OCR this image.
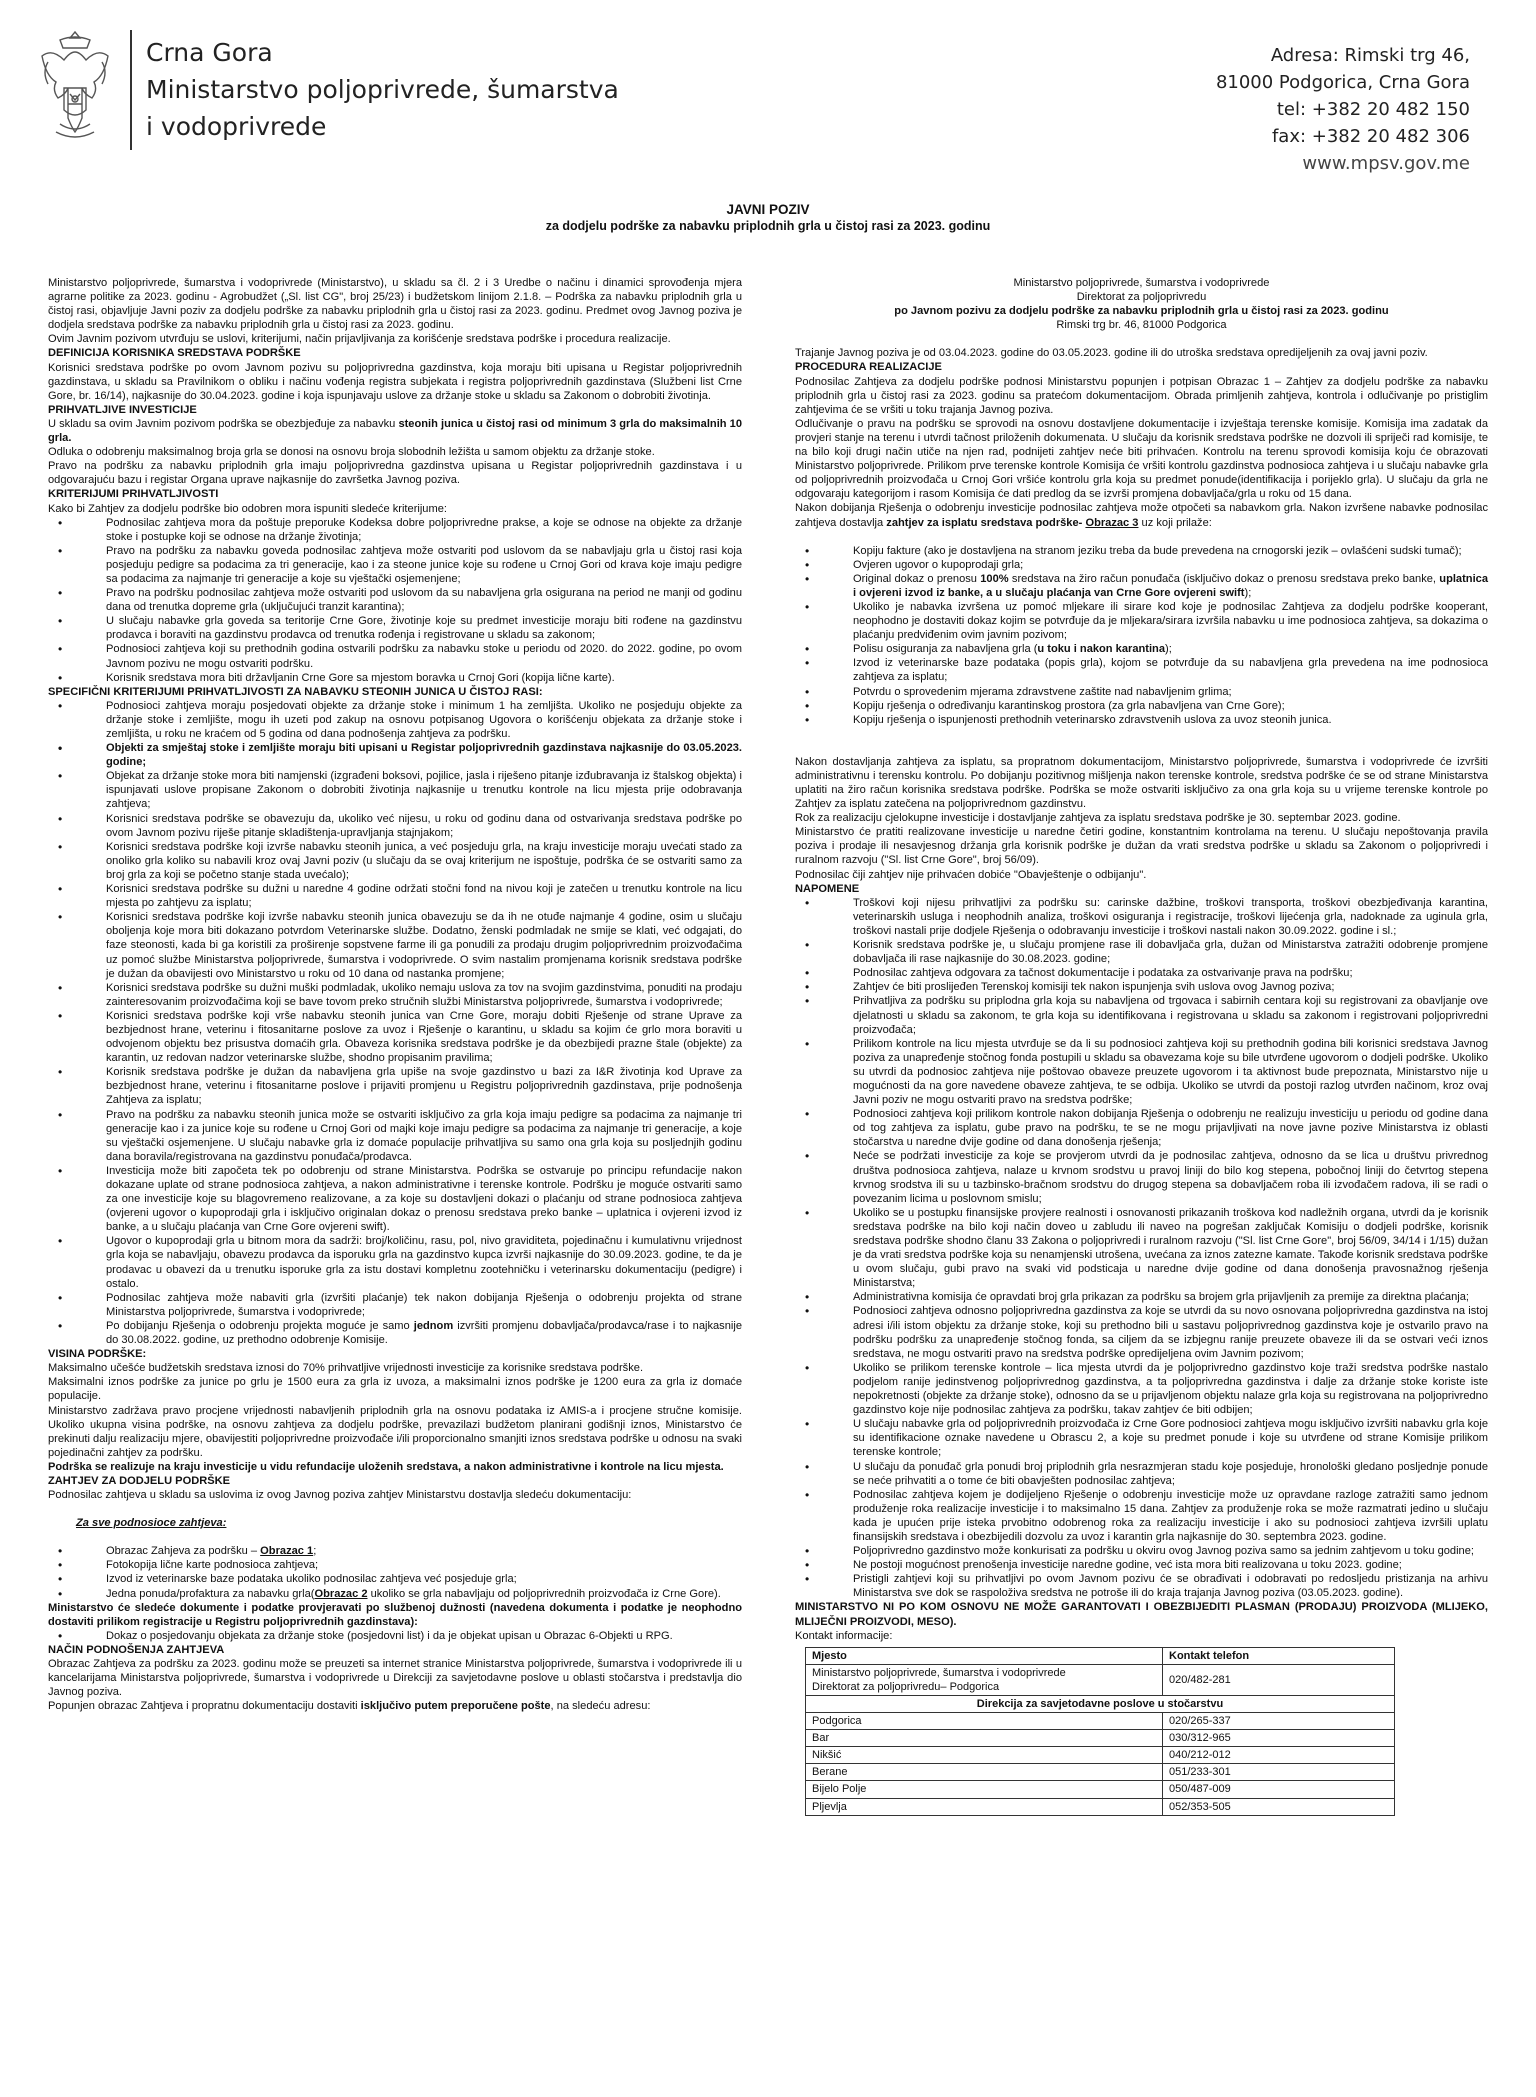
Crna Gora
Ministarstvo poljoprivrede, šumarstva
i vodoprivrede
Adresa: Rimski trg 46,
81000 Podgorica, Crna Gora
tel: +382 20 482 150
fax: +382 20 482 306
www.mpsv.gov.me
JAVNI POZIV
za dodjelu podrške za nabavku priplodnih grla u čistoj rasi za 2023. godinu

Ministarstvo poljoprivrede, šumarstva i vodoprivrede (Ministarstvo), u skladu sa čl. 2 i 3 Uredbe o načinu i dinamici sprovođenja mjera agrarne politike za 2023. godinu - Agrobudžet („Sl. list CG", broj 25/23) i budžetskom linijom 2.1.8. – Podrška za nabavku priplodnih grla u čistoj rasi, objavljuje Javni poziv za dodjelu podrške za nabavku priplodnih grla u čistoj rasi za 2023. godinu. Predmet ovog Javnog poziva je dodjela sredstava podrške za nabavku priplodnih grla u čistoj rasi za 2023. godinu.

Ovim Javnim pozivom utvrđuju se uslovi, kriterijumi, način prijavljivanja za korišćenje sredstava podrške i procedura realizacije.

DEFINICIJA KORISNIKA SREDSTAVA PODRŠKE

Korisnici sredstava podrške po ovom Javnom pozivu su poljoprivredna gazdinstva, koja moraju biti upisana u Registar poljoprivrednih gazdinstava, u skladu sa Pravilnikom o obliku i načinu vođenja registra subjekata i registra poljoprivrednih gazdinstava (Službeni list Crne Gore, br. 16/14), najkasnije do 30.04.2023. godine i koja ispunjavaju uslove za držanje stoke u skladu sa Zakonom o dobrobiti životinja.

PRIHVATLJIVE INVESTICIJE

U skladu sa ovim Javnim pozivom podrška se obezbjeđuje za nabavku steonih junica u čistoj rasi od minimum 3 grla do maksimalnih 10 grla.

Odluka o odobrenju maksimalnog broja grla se donosi na osnovu broja slobodnih ležišta u samom objektu za držanje stoke.

Pravo na podršku za nabavku priplodnih grla imaju poljoprivredna gazdinstva upisana u Registar poljoprivrednih gazdinstava i u odgovarajuću bazu i registar Organa uprave najkasnije do završetka Javnog poziva.

KRITERIJUMI PRIHVATLJIVOSTI

Kako bi Zahtjev za dodjelu podrške bio odobren mora ispuniti sledeće kriterijume:

• Podnosilac zahtjeva mora da poštuje preporuke Kodeksa dobre poljoprivredne prakse, a koje se odnose na objekte za držanje stoke i postupke koji se odnose na držanje životinja;
• Pravo na podršku za nabavku goveda podnosilac zahtjeva može ostvariti pod uslovom da se nabavljaju grla u čistoj rasi koja posjeduju pedigre sa podacima za tri generacije, kao i za steone junice koje su rođene u Crnoj Gori od krava koje imaju pedigre sa podacima za najmanje tri generacije a koje su vještački osjemenjene;
• Pravo na podršku podnosilac zahtjeva može ostvariti pod uslovom da su nabavljena grla osigurana na period ne manji od godinu dana od trenutka dopreme grla (uključujući tranzit karantina);
• U slučaju nabavke grla goveda sa teritorije Crne Gore, životinje koje su predmet investicije moraju biti rođene na gazdinstvu prodavca i boraviti na gazdinstvu prodavca od trenutka rođenja i registrovane u skladu sa zakonom;
• Podnosioci zahtjeva koji su prethodnih godina ostvarili podršku za nabavku stoke u periodu od 2020. do 2022. godine, po ovom Javnom pozivu ne mogu ostvariti podršku.
• Korisnik sredstava mora biti državljanin Crne Gore sa mjestom boravka u Crnoj Gori (kopija lične karte).

SPECIFIČNI KRITERIJUMI PRIHVATLJIVOSTI ZA NABAVKU STEONIH JUNICA U ČISTOJ RASI:

• Podnosioci zahtjeva moraju posjedovati objekte za držanje stoke i minimum 1 ha zemljišta. Ukoliko ne posjeduju objekte za držanje stoke i zemljište, mogu ih uzeti pod zakup na osnovu potpisanog Ugovora o korišćenju objekata za držanje stoke i zemljišta, u roku ne kraćem od 5 godina od dana podnošenja zahtjeva za podršku.
• Objekti za smještaj stoke i zemljište moraju biti upisani u Registar poljoprivrednih gazdinstava najkasnije do 03.05.2023. godine;
• Objekat za držanje stoke mora biti namjenski (izgrađeni boksovi, pojilice, jasla i riješeno pitanje izđubravanja iz štalskog objekta) i ispunjavati uslove propisane Zakonom o dobrobiti životinja najkasnije u trenutku kontrole na licu mjesta prije odobravanja zahtjeva;
• Korisnici sredstava podrške se obavezuju da, ukoliko već nijesu, u roku od godinu dana od ostvarivanja sredstava podrške po ovom Javnom pozivu riješe pitanje skladištenja-upravljanja stajnjakom;
• Korisnici sredstava podrške koji izvrše nabavku steonih junica, a već posjeduju grla, na kraju investicije moraju uvećati stado za onoliko grla koliko su nabavili kroz ovaj Javni poziv (u slučaju da se ovaj kriterijum ne ispoštuje, podrška će se ostvariti samo za broj grla za koji se početno stanje stada uvećalo);
• Korisnici sredstava podrške su dužni u naredne 4 godine održati stočni fond na nivou koji je zatečen u trenutku kontrole na licu mjesta po zahtjevu za isplatu;
• Korisnici sredstava podrške koji izvrše nabavku steonih junica obavezuju se da ih ne otuđe najmanje 4 godine, osim u slučaju oboljenja koje mora biti dokazano potvrdom Veterinarske službe. Dodatno, ženski podmladak ne smije se klati, već odgajati, do faze steonosti, kada bi ga koristili za proširenje sopstvene farme ili ga ponudili za prodaju drugim poljoprivrednim proizvođačima uz pomoć službe Ministarstva poljoprivrede, šumarstva i vodoprivrede. O svim nastalim promjenama korisnik sredstava podrške je dužan da obavijesti ovo Ministarstvo u roku od 10 dana od nastanka promjene;
• Korisnici sredstava podrške su dužni muški podmladak, ukoliko nemaju uslova za tov na svojim gazdinstvima, ponuditi na prodaju zainteresovanim proizvođačima koji se bave tovom preko stručnih službi Ministarstva poljoprivrede, šumarstva i vodoprivrede;
• Korisnici sredstava podrške koji vrše nabavku steonih junica van Crne Gore, moraju dobiti Rješenje od strane Uprave za bezbjednost hrane, veterinu i fitosanitarne poslove za uvoz i Rješenje o karantinu, u skladu sa kojim će grlo mora boraviti u odvojenom objektu bez prisustva domaćih grla. Obaveza korisnika sredstava podrške je da obezbijedi prazne štale (objekte) za karantin, uz redovan nadzor veterinarske službe, shodno propisanim pravilima;
• Korisnik sredstava podrške je dužan da nabavljena grla upiše na svoje gazdinstvo u bazi za I&R životinja kod Uprave za bezbjednost hrane, veterinu i fitosanitarne poslove i prijaviti promjenu u Registru poljoprivrednih gazdinstava, prije podnošenja Zahtjeva za isplatu;
• Pravo na podršku za nabavku steonih junica može se ostvariti isključivo za grla koja imaju pedigre sa podacima za najmanje tri generacije kao i za junice koje su rođene u Crnoj Gori od majki koje imaju pedigre sa podacima za najmanje tri generacije, a koje su vještački osjemenjene. U slučaju nabavke grla iz domaće populacije prihvatljiva su samo ona grla koja su posljednjih godinu dana boravila/registrovana na gazdinstvu ponuđača/prodavca.
• Investicija može biti započeta tek po odobrenju od strane Ministarstva. Podrška se ostvaruje po principu refundacije nakon dokazane uplate od strane podnosioca zahtjeva, a nakon administrativne i terenske kontrole. Podršku je moguće ostvariti samo za one investicije koje su blagovremeno realizovane, a za koje su dostavljeni dokazi o plaćanju od strane podnosioca zahtjeva (ovjereni ugovor o kupoprodaji grla i isključivo originalan dokaz o prenosu sredstava preko banke – uplatnica i ovjereni izvod iz banke, a u slučaju plaćanja van Crne Gore ovjereni swift).
• Ugovor o kupoprodaji grla u bitnom mora da sadrži: broj/količinu, rasu, pol, nivo graviditeta, pojedinačnu i kumulativnu vrijednost grla koja se nabavljaju, obavezu prodavca da isporuku grla na gazdinstvo kupca izvrši najkasnije do 30.09.2023. godine, te da je prodavac u obavezi da u trenutku isporuke grla za istu dostavi kompletnu zootehničku i veterinarsku dokumentaciju (pedigre) i ostalo.
• Podnosilac zahtjeva može nabaviti grla (izvršiti plaćanje) tek nakon dobijanja Rješenja o odobrenju projekta od strane Ministarstva poljoprivrede, šumarstva i vodoprivrede;
• Po dobijanju Rješenja o odobrenju projekta moguće je samo jednom izvršiti promjenu dobavljača/prodavca/rase i to najkasnije do 30.08.2022. godine, uz prethodno odobrenje Komisije.

VISINA PODRŠKE:

Maksimalno učešće budžetskih sredstava iznosi do 70% prihvatljive vrijednosti investicije za korisnike sredstava podrške.

Maksimalni iznos podrške za junice po grlu je 1500 eura za grla iz uvoza, a maksimalni iznos podrške je 1200 eura za grla iz domaće populacije.

Ministarstvo zadržava pravo procjene vrijednosti nabavljenih priplodnih grla na osnovu podataka iz AMIS-a i procjene stručne komisije. Ukoliko ukupna visina podrške, na osnovu zahtjeva za dodjelu podrške, prevazilazi budžetom planirani godišnji iznos, Ministarstvo će prekinuti dalju realizaciju mjere, obavijestiti poljoprivredne proizvođače i/ili proporcionalno smanjiti iznos sredstava podrške u odnosu na svaki pojedinačni zahtjev za podršku.

Podrška se realizuje na kraju investicije u vidu refundacije uloženih sredstava, a nakon administrativne i kontrole na licu mjesta.

ZAHTJEV ZA DODJELU PODRŠKE

Podnosilac zahtjeva u skladu sa uslovima iz ovog Javnog poziva zahtjev Ministarstvu dostavlja sledeću dokumentaciju:

Za sve podnosioce zahtjeva:

• Obrazac Zahjeva za podršku – Obrazac 1;
• Fotokopija lične karte podnosioca zahtjeva;
• Izvod iz veterinarske baze podataka ukoliko podnosilac zahtjeva već posjeduje grla;
• Jedna ponuda/profaktura za nabavku grla(Obrazac 2 ukoliko se grla nabavljaju od poljoprivrednih proizvođača iz Crne Gore).

Ministarstvo će sledeće dokumente i podatke provjeravati po službenoj dužnosti (navedena dokumenta i podatke je neophodno dostaviti prilikom registracije u Registru poljoprivrednih gazdinstava):

• Dokaz o posjedovanju objekata za držanje stoke (posjedovni list) i da je objekat upisan u Obrazac 6-Objekti u RPG.

NAČIN PODNOŠENJA ZAHTJEVA

Obrazac Zahtjeva za podršku za 2023. godinu može se preuzeti sa internet stranice Ministarstva poljoprivrede, šumarstva i vodoprivrede ili u kancelarijama Ministarstva poljoprivrede, šumarstva i vodoprivrede u Direkciji za savjetodavne poslove u oblasti stočarstva i predstavlja dio Javnog poziva.

Popunjen obrazac Zahtjeva i propratnu dokumentaciju dostaviti isključivo putem preporučene pošte, na sledeću adresu:

Ministarstvo poljoprivrede, šumarstva i vodoprivrede
Direktorat za poljoprivredu
po Javnom pozivu za dodjelu podrške za nabavku priplodnih grla u čistoj rasi za 2023. godinu
Rimski trg br. 46, 81000 Podgorica

Trajanje Javnog poziva je od 03.04.2023. godine do 03.05.2023. godine ili do utroška sredstava opredijeljenih za ovaj javni poziv.

PROCEDURA REALIZACIJE

Podnosilac Zahtjeva za dodjelu podrške podnosi Ministarstvu popunjen i potpisan Obrazac 1 – Zahtjev za dodjelu podrške za nabavku priplodnih grla u čistoj rasi za 2023. godinu sa pratećom dokumentacijom. Obrada primljenih zahtjeva, kontrola i odlučivanje po pristiglim zahtjevima će se vršiti u toku trajanja Javnog poziva.

Odlučivanje o pravu na podršku se sprovodi na osnovu dostavljene dokumentacije i izvještaja terenske komisije. Komisija ima zadatak da provjeri stanje na terenu i utvrdi tačnost priloženih dokumenata. U slučaju da korisnik sredstava podrške ne dozvoli ili spriječi rad komisije, te na bilo koji drugi način utiče na njen rad, podnijeti zahtjev neće biti prihvaćen. Kontrolu na terenu sprovodi komisija koju će obrazovati Ministarstvo poljoprivrede. Prilikom prve terenske kontrole Komisija će vršiti kontrolu gazdinstva podnosioca zahtjeva i u slučaju nabavke grla od poljoprivrednih proizvođača u Crnoj Gori vršiće kontrolu grla koja su predmet ponude(identifikacija i porijeklo grla). U slučaju da grla ne odgovaraju kategorijom i rasom Komisija će dati predlog da se izvrši promjena dobavljača/grla u roku od 15 dana.

Nakon dobijanja Rješenja o odobrenju investicije podnosilac zahtjeva može otpočeti sa nabavkom grla. Nakon izvršene nabavke podnosilac zahtjeva dostavlja zahtjev za isplatu sredstava podrške- Obrazac 3 uz koji prilaže:

• Kopiju fakture (ako je dostavljena na stranom jeziku treba da bude prevedena na crnogorski jezik – ovlašćeni sudski tumač);
• Ovjeren ugovor o kupoprodaji grla;
• Original dokaz o prenosu 100% sredstava na žiro račun ponuđača (isključivo dokaz o prenosu sredstava preko banke, uplatnica i ovjereni izvod iz banke, a u slučaju plaćanja van Crne Gore ovjereni swift);
• Ukoliko je nabavka izvršena uz pomoć mljekare ili sirare kod koje je podnosilac Zahtjeva za dodjelu podrške kooperant, neophodno je dostaviti dokaz kojim se potvrđuje da je mljekara/sirara izvršila nabavku u ime podnosioca zahtjeva, sa dokazima o plaćanju predviđenim ovim javnim pozivom;
• Polisu osiguranja za nabavljena grla (u toku i nakon karantina);
• Izvod iz veterinarske baze podataka (popis grla), kojom se potvrđuje da su nabavljena grla prevedena na ime podnosioca zahtjeva za isplatu;
• Potvrdu o sprovedenim mjerama zdravstvene zaštite nad nabavljenim grlima;
• Kopiju rješenja o određivanju karantinskog prostora (za grla nabavljena van Crne Gore);
• Kopiju rješenja o ispunjenosti prethodnih veterinarsko zdravstvenih uslova za uvoz steonih junica.

Nakon dostavljanja zahtjeva za isplatu, sa propratnom dokumentacijom, Ministarstvo poljoprivrede, šumarstva i vodoprivrede će izvršiti administrativnu i terensku kontrolu. Po dobijanju pozitivnog mišljenja nakon terenske kontrole, sredstva podrške će se od strane Ministarstva uplatiti na žiro račun korisnika sredstava podrške. Podrška se može ostvariti isključivo za ona grla koja su u vrijeme terenske kontrole po Zahtjev za isplatu zatečena na poljoprivrednom gazdinstvu.

Rok za realizaciju cjelokupne investicije i dostavljanje zahtjeva za isplatu sredstava podrške je 30. septembar 2023. godine.

Ministarstvo će pratiti realizovane investicije u naredne četiri godine, konstantnim kontrolama na terenu. U slučaju nepoštovanja pravila poziva i prodaje ili nesavjesnog držanja grla korisnik podrške je dužan da vrati sredstva podrške u skladu sa Zakonom o poljoprivredi i ruralnom razvoju ("Sl. list Crne Gore", broj 56/09).

Podnosilac čiji zahtjev nije prihvaćen dobiće "Obavještenje o odbijanju".

NAPOMENE

• Troškovi koji nijesu prihvatljivi za podršku su: carinske dažbine, troškovi transporta, troškovi obezbjeđivanja karantina, veterinarskih usluga i neophodnih analiza, troškovi osiguranja i registracije, troškovi lijećenja grla, nadoknade za uginula grla, troškovi nastali prije dodjele Rješenja o odobravanju investicije i troškovi nastali nakon 30.09.2022. godine i sl.;
• Korisnik sredstava podrške je, u slučaju promjene rase ili dobavljača grla, dužan od Ministarstva zatražiti odobrenje promjene dobavljača ili rase najkasnije do 30.08.2023. godine;
• Podnosilac zahtjeva odgovara za tačnost dokumentacije i podataka za ostvarivanje prava na podršku;
• Zahtjev će biti proslijeđen Terenskoj komisiji tek nakon ispunjenja svih uslova ovog Javnog poziva;
• Prihvatljiva za podršku su priplodna grla koja su nabavljena od trgovaca i sabirnih centara koji su registrovani za obavljanje ove djelatnosti u skladu sa zakonom, te grla koja su identifikovana i registrovana u skladu sa zakonom i registrovani poljoprivredni proizvođača;
• Prilikom kontrole na licu mjesta utvrđuje se da li su podnosioci zahtjeva koji su prethodnih godina bili korisnici sredstava Javnog poziva za unapređenje stočnog fonda postupili u skladu sa obavezama koje su bile utvrđene ugovorom o dodjeli podrške. Ukoliko su utvrdi da podnosioc zahtjeva nije poštovao obaveze preuzete ugovorom i ta aktivnost bude prepoznata, Ministarstvo nije u mogućnosti da na gore navedene obaveze zahtjeva, te se odbija. Ukoliko se utvrdi da postoji razlog utvrđen načinom, kroz ovaj Javni poziv ne mogu ostvariti pravo na sredstva podrške;
• Podnosioci zahtjeva koji prilikom kontrole nakon dobijanja Rješenja o odobrenju ne realizuju investiciju u periodu od godine dana od tog zahtjeva za isplatu, gube pravo na podršku, te se ne mogu prijavljivati na nove javne pozive Ministarstva iz oblasti stočarstva u naredne dvije godine od dana donošenja rješenja;
• Neće se podržati investicije za koje se provjerom utvrdi da je podnosilac zahtjeva, odnosno da se lica u društvu privrednog društva podnosioca zahtjeva, nalaze u krvnom srodstvu u pravoj liniji do bilo kog stepena, pobočnoj liniji do četvrtog stepena krvnog srodstva ili su u tazbinsko-bračnom srodstvu do drugog stepena sa dobavljačem roba ili izvođačem radova, ili se radi o povezanim licima u poslovnom smislu;
• Ukoliko se u postupku finansijske provjere realnosti i osnovanosti prikazanih troškova kod nadležnih organa, utvrdi da je korisnik sredstava podrške na bilo koji način doveo u zabludu ili naveo na pogrešan zaključak Komisiju o dodjeli podrške, korisnik sredstava podrške shodno članu 33 Zakona o poljoprivredi i ruralnom razvoju ("Sl. list Crne Gore", broj 56/09, 34/14 i 1/15) dužan je da vrati sredstva podrške koja su nenamjenski utrošena, uvećana za iznos zatezne kamate. Takođe korisnik sredstava podrške u ovom slučaju, gubi pravo na svaki vid podsticaja u naredne dvije godine od dana donošenja pravosnažnog rješenja Ministarstva;
• Administrativna komisija će opravdati broj grla prikazan za podršku sa brojem grla prijavljenih za premije za direktna plaćanja;
• Podnosioci zahtjeva odnosno poljoprivredna gazdinstva za koje se utvrdi da su novo osnovana poljoprivredna gazdinstva na istoj adresi i/ili istom objektu za držanje stoke, koji su prethodno bili u sastavu poljoprivrednog gazdinstva koje je ostvarilo pravo na podršku podršku za unapređenje stočnog fonda, sa ciljem da se izbjegnu ranije preuzete obaveze ili da se ostvari veći iznos sredstava, ne mogu ostvariti pravo na sredstva podrške opredijeljena ovim Javnim pozivom;
• Ukoliko se prilikom terenske kontrole – lica mjesta utvrdi da je poljoprivredno gazdinstvo koje traži sredstva podrške nastalo podjelom ranije jedinstvenog poljoprivrednog gazdinstva, a ta poljoprivredna gazdinstva i dalje za držanje stoke koriste iste nepokretnosti (objekte za držanje stoke), odnosno da se u prijavljenom objektu nalaze grla koja su registrovana na poljoprivredno gazdinstvo koje nije podnosilac zahtjeva za podršku, takav zahtjev će biti odbijen;
• U slučaju nabavke grla od poljoprivrednih proizvođača iz Crne Gore podnosioci zahtjeva mogu isključivo izvršiti nabavku grla koje su identifikacione oznake navedene u Obrascu 2, a koje su predmet ponude i koje su utvrđene od strane Komisije prilikom terenske kontrole;
• U slučaju da ponuđač grla ponudi broj priplodnih grla nesrazmjeran stadu koje posjeduje, hronološki gledano posljednje ponude se neće prihvatiti a o tome će biti obavješten podnosilac zahtjeva;
• Podnosilac zahtjeva kojem je dodijeljeno Rješenje o odobrenju investicije može uz opravdane razloge zatražiti samo jednom produženje roka realizacije investicije i to maksimalno 15 dana. Zahtjev za produženje roka se može razmatrati jedino u slučaju kada je upućen prije isteka prvobitno odobrenog roka za realizaciju investicije i ako su podnosioci zahtjeva izvršili uplatu finansijskih sredstava i obezbijedili dozvolu za uvoz i karantin grla najkasnije do 30. septembra 2023. godine.
• Poljoprivredno gazdinstvo može konkurisati za podršku u okviru ovog Javnog poziva samo sa jednim zahtjevom u toku godine;
• Ne postoji mogućnost prenošenja investicije naredne godine, već ista mora biti realizovana u toku 2023. godine;
• Pristigli zahtjevi koji su prihvatljivi po ovom Javnom pozivu će se obrađivati i odobravati po redosljedu pristizanja na arhivu Ministarstva sve dok se raspoloživa sredstva ne potroše ili do kraja trajanja Javnog poziva (03.05.2023. godine).

MINISTARSTVO NI PO KOM OSNOVU NE MOŽE GARANTOVATI I OBEZBIJEDITI PLASMAN (PRODAJU) PROIZVODA (MLIJEKO, MLIJEČNI PROIZVODI, MESO).

Kontakt informacije:

Mjesto	Kontakt telefon

Ministarstvo poljoprivrede, šumarstva i vodoprivrede
Direktorat za poljoprivredu– Podgorica	020/482-281
Direkcija za savjetodavne poslove u stočarstvu	
Podgorica	020/265-337
Bar	030/312-965
Nikšić	040/212-012
Berane	051/233-301
Bijelo Polje	050/487-009
Pljevlja	052/353-505
